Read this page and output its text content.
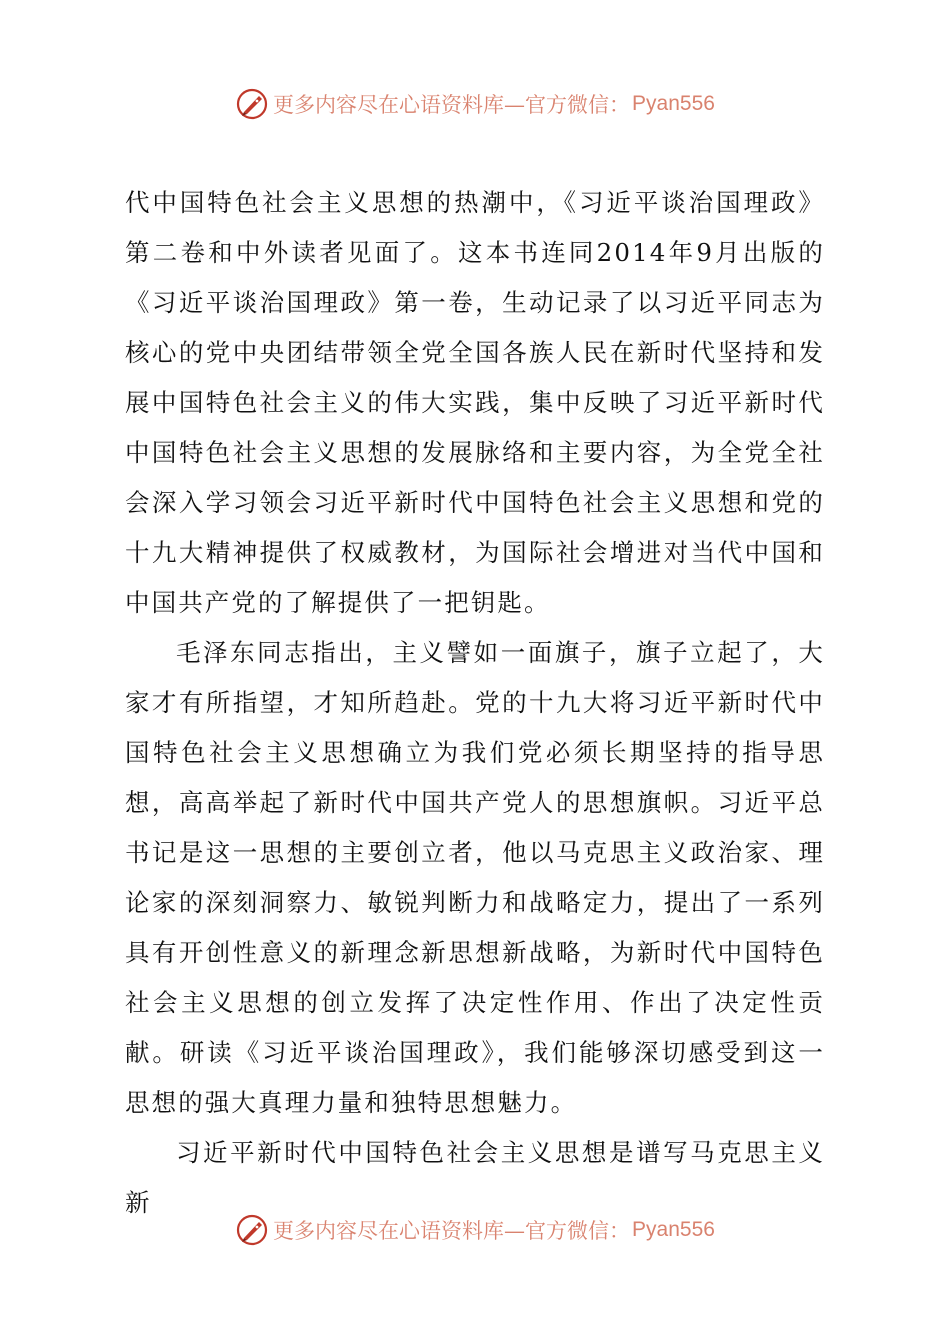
更多内容尽在心语资料库—官方微信： Pyan556

代中国特色社会主义思想的热潮中，《习近平谈治国理政》第二卷和中外读者见面了。这本书连同2014年9月出版的《习近平谈治国理政》第一卷，生动记录了以习近平同志为核心的党中央团结带领全党全国各族人民在新时代坚持和发展中国特色社会主义的伟大实践，集中反映了习近平新时代中国特色社会主义思想的发展脉络和主要内容，为全党全社会深入学习领会习近平新时代中国特色社会主义思想和党的十九大精神提供了权威教材，为国际社会增进对当代中国和中国共产党的了解提供了一把钥匙。

毛泽东同志指出，主义譬如一面旗子，旗子立起了，大家才有所指望，才知所趋赴。党的十九大将习近平新时代中国特色社会主义思想确立为我们党必须长期坚持的指导思想，高高举起了新时代中国共产党人的思想旗帜。习近平总书记是这一思想的主要创立者，他以马克思主义政治家、理论家的深刻洞察力、敏锐判断力和战略定力，提出了一系列具有开创性意义的新理念新思想新战略，为新时代中国特色社会主义思想的创立发挥了决定性作用、作出了决定性贡献。研读《习近平谈治国理政》，我们能够深切感受到这一思想的强大真理力量和独特思想魅力。

习近平新时代中国特色社会主义思想是谱写马克思主义新

更多内容尽在心语资料库—官方微信： Pyan556
